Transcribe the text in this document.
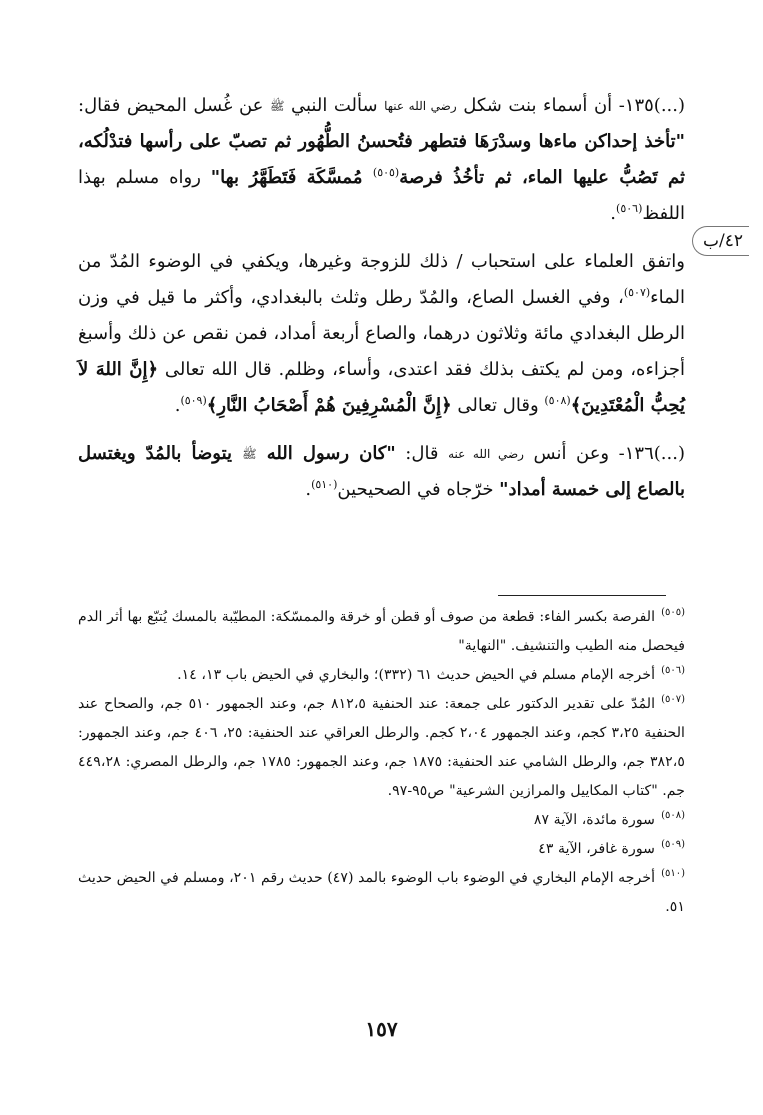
٤٢/ب

(...)١٣٥- أن أسماء بنت شكل رضي الله عنها سألت النبي ﷺ عن غُسل المحيض فقال: "تأخذ إحداكن ماءها وسدْرَهَا فتطهر فتُحسنُ الطُّهُور ثم تصبّ على رأسها فتدْلُكه، ثم تَصُبُّ عليها الماء، ثم تأخُذُ فرصة$^{(٥٠٥)}$ مُمسَّكَة فَتَطَهَّرُ بها" رواه مسلم بهذا اللفظ$^{(٥٠٦)}$.

واتفق العلماء على استحباب / ذلك للزوجة وغيرها، ويكفي في الوضوء المُدّ من الماء$^{(٥٠٧)}$، وفي الغسل الصاع، والمُدّ رطل وثلث بالبغدادي، وأكثر ما قيل في وزن الرطل البغدادي مائة وثلاثون درهما، والصاع أربعة أمداد، فمن نقص عن ذلك وأسبغ أجزاءه، ومن لم يكتف بذلك فقد اعتدى، وأساء، وظلم. قال الله تعالى ﴿إِنَّ اللهَ لاَ يُحِبُّ الْمُعْتَدِينَ﴾$^{(٥٠٨)}$ وقال تعالى ﴿إِنَّ الْمُسْرِفِينَ هُمْ أَصْحَابُ النَّارِ﴾$^{(٥٠٩)}$.

(...)١٣٦- وعن أنس رضي الله عنه قال: "كان رسول الله ﷺ يتوضأ بالمُدّ ويغتسل بالصاع إلى خمسة أمداد" خرّجاه في الصحيحين$^{(٥١٠)}$.

$^{(٥٠٥)}$الفرصة بكسر الفاء: قطعة من صوف أو قطن أو خرقة والممسّكة: المطيّبة بالمسك يُتبّع بها أثر الدم فيحصل منه الطيب والتنشيف. "النهاية"

$^{(٥٠٦)}$أخرجه الإمام مسلم في الحيض حديث ٦١ (٣٣٢)؛ والبخاري في الحيض باب ١٣، ١٤.

$^{(٥٠٧)}$المُدّ على تقدير الدكتور على جمعة: عند الحنفية ٨١٢،٥ جم، وعند الجمهور ٥١٠ جم، والصحاح عند الحنفية ٣،٢٥ كجم، وعند الجمهور ٢،٠٤ كجم. والرطل العراقي عند الحنفية: ٢٥، ٤٠٦ جم، وعند الجمهور: ٣٨٢،٥ جم، والرطل الشامي عند الحنفية: ١٨٧٥ جم، وعند الجمهور: ١٧٨٥ جم، والرطل المصري: ٤٤٩،٢٨ جم. "كتاب المكاييل والمرازين الشرعية" ص٩٥-٩٧.

$^{(٥٠٨)}$سورة مائدة، الآية ٨٧

$^{(٥٠٩)}$سورة غافر، الآية ٤٣

$^{(٥١٠)}$أخرجه الإمام البخاري في الوضوء باب الوضوء بالمد (٤٧) حديث رقم ٢٠١، ومسلم في الحيض حديث ٥١.

١٥٧
